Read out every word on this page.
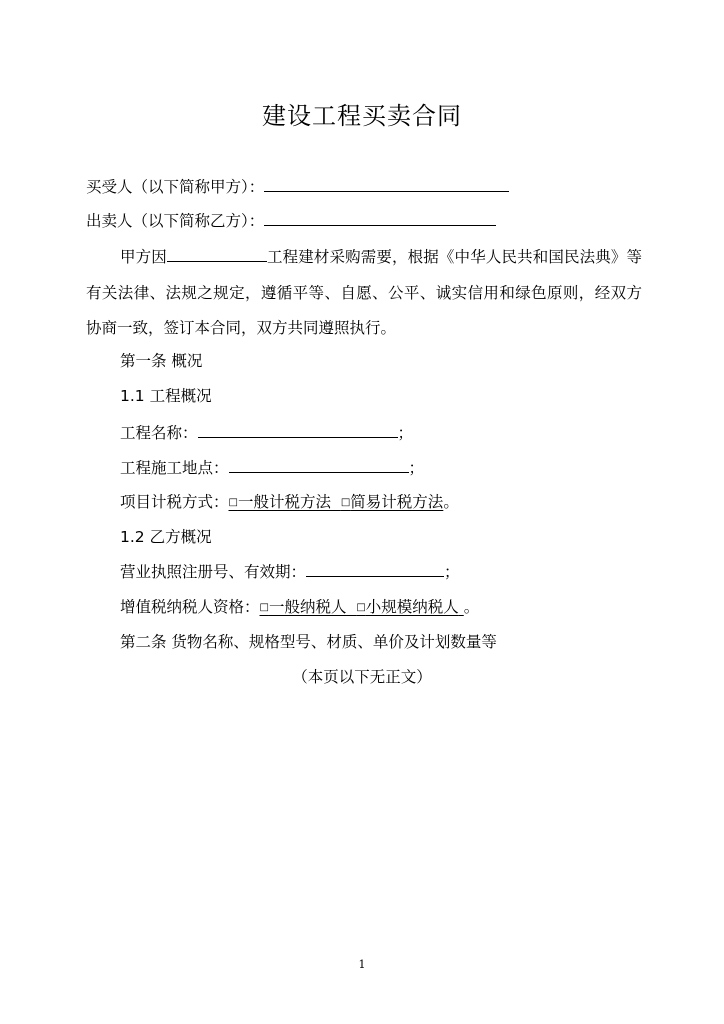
建设工程买卖合同
买受人（以下简称甲方）：
出卖人（以下简称乙方）：
甲方因	工程建材采购需要，根据《中华人民共和国民法典》等有关法律、法规之规定，遵循平等、自愿、公平、诚实信用和绿色原则，经双方协商一致，签订本合同，双方共同遵照执行。
第一条 概况
1.1 工程概况
工程名称：	；
工程施工地点：	；
项目计税方式：□一般计税方法 □简易计税方法。
1.2 乙方概况
营业执照注册号、有效期：	；
增值税纳税人资格：□一般纳税人 □小规模纳税人 。
第二条 货物名称、规格型号、材质、单价及计划数量等
（本页以下无正文）
1
